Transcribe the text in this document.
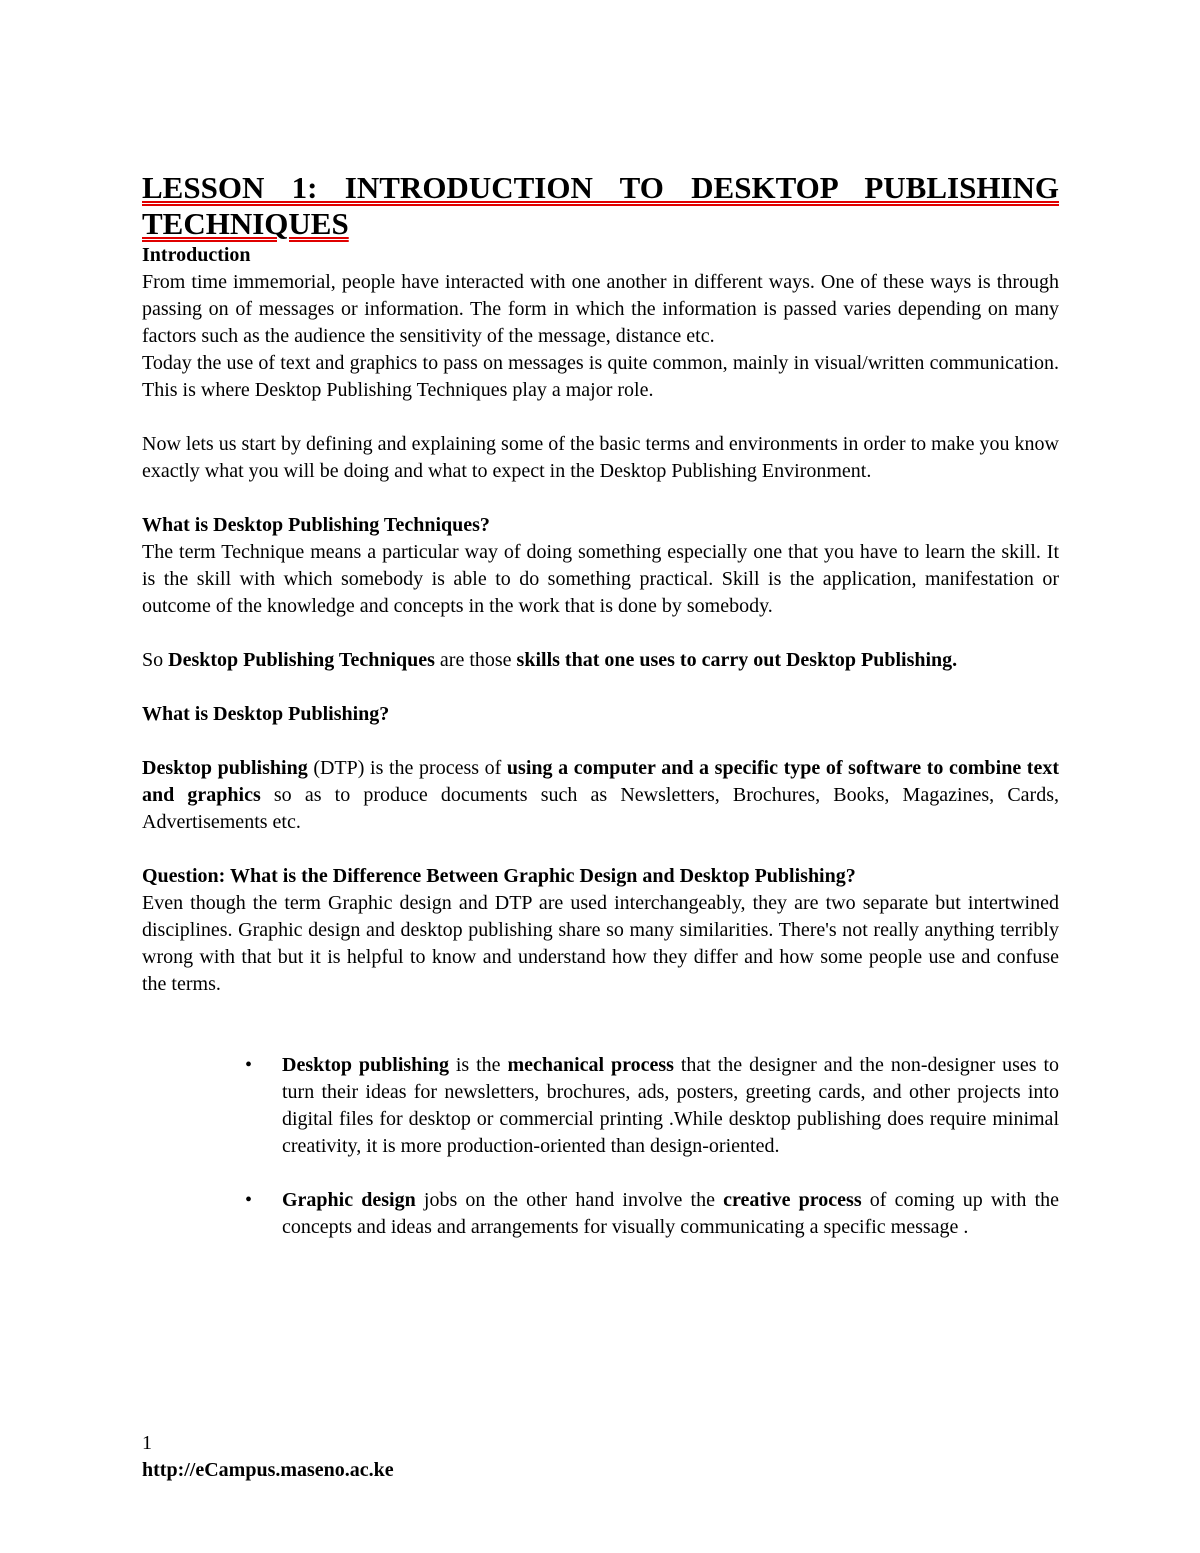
LESSON 1: INTRODUCTION TO DESKTOP PUBLISHING TECHNIQUES
Introduction

From time immemorial, people have interacted with one another in different ways. One of these ways is through passing on of messages or information. The form in which the information is passed varies depending on many factors such as the audience the sensitivity of the message, distance etc.

Today the use of text and graphics to pass on messages is quite common, mainly in visual/written communication. This is where Desktop Publishing Techniques play a major role.

Now lets us start by defining and explaining some of the basic terms and environments in order to make you know exactly what you will be doing and what to expect in the Desktop Publishing Environment.

What is Desktop Publishing Techniques?

The term Technique means a particular way of doing something especially one that you have to learn the skill. It is the skill with which somebody is able to do something practical. Skill is the application, manifestation or outcome of the knowledge and concepts in the work that is done by somebody.

So Desktop Publishing Techniques are those skills that one uses to carry out Desktop Publishing.

What is Desktop Publishing?

Desktop publishing (DTP) is the process of using a computer and a specific type of software to combine text and graphics so as to produce documents such as Newsletters, Brochures, Books, Magazines, Cards, Advertisements etc.

Question: What is the Difference Between Graphic Design and Desktop Publishing?

Even though the term Graphic design and DTP are used interchangeably, they are two separate but intertwined disciplines. Graphic design and desktop publishing share so many similarities. There's not really anything terribly wrong with that but it is helpful to know and understand how they differ and how some people use and confuse the terms.

• Desktop publishing is the mechanical process that the designer and the non-designer uses to turn their ideas for newsletters, brochures, ads, posters, greeting cards, and other projects into digital files for desktop or commercial printing .While desktop publishing does require minimal creativity, it is more production-oriented than design-oriented.
• Graphic design jobs on the other hand involve the creative process of coming up with the concepts and ideas and arrangements for visually communicating a specific message .
1
http://eCampus.maseno.ac.ke
